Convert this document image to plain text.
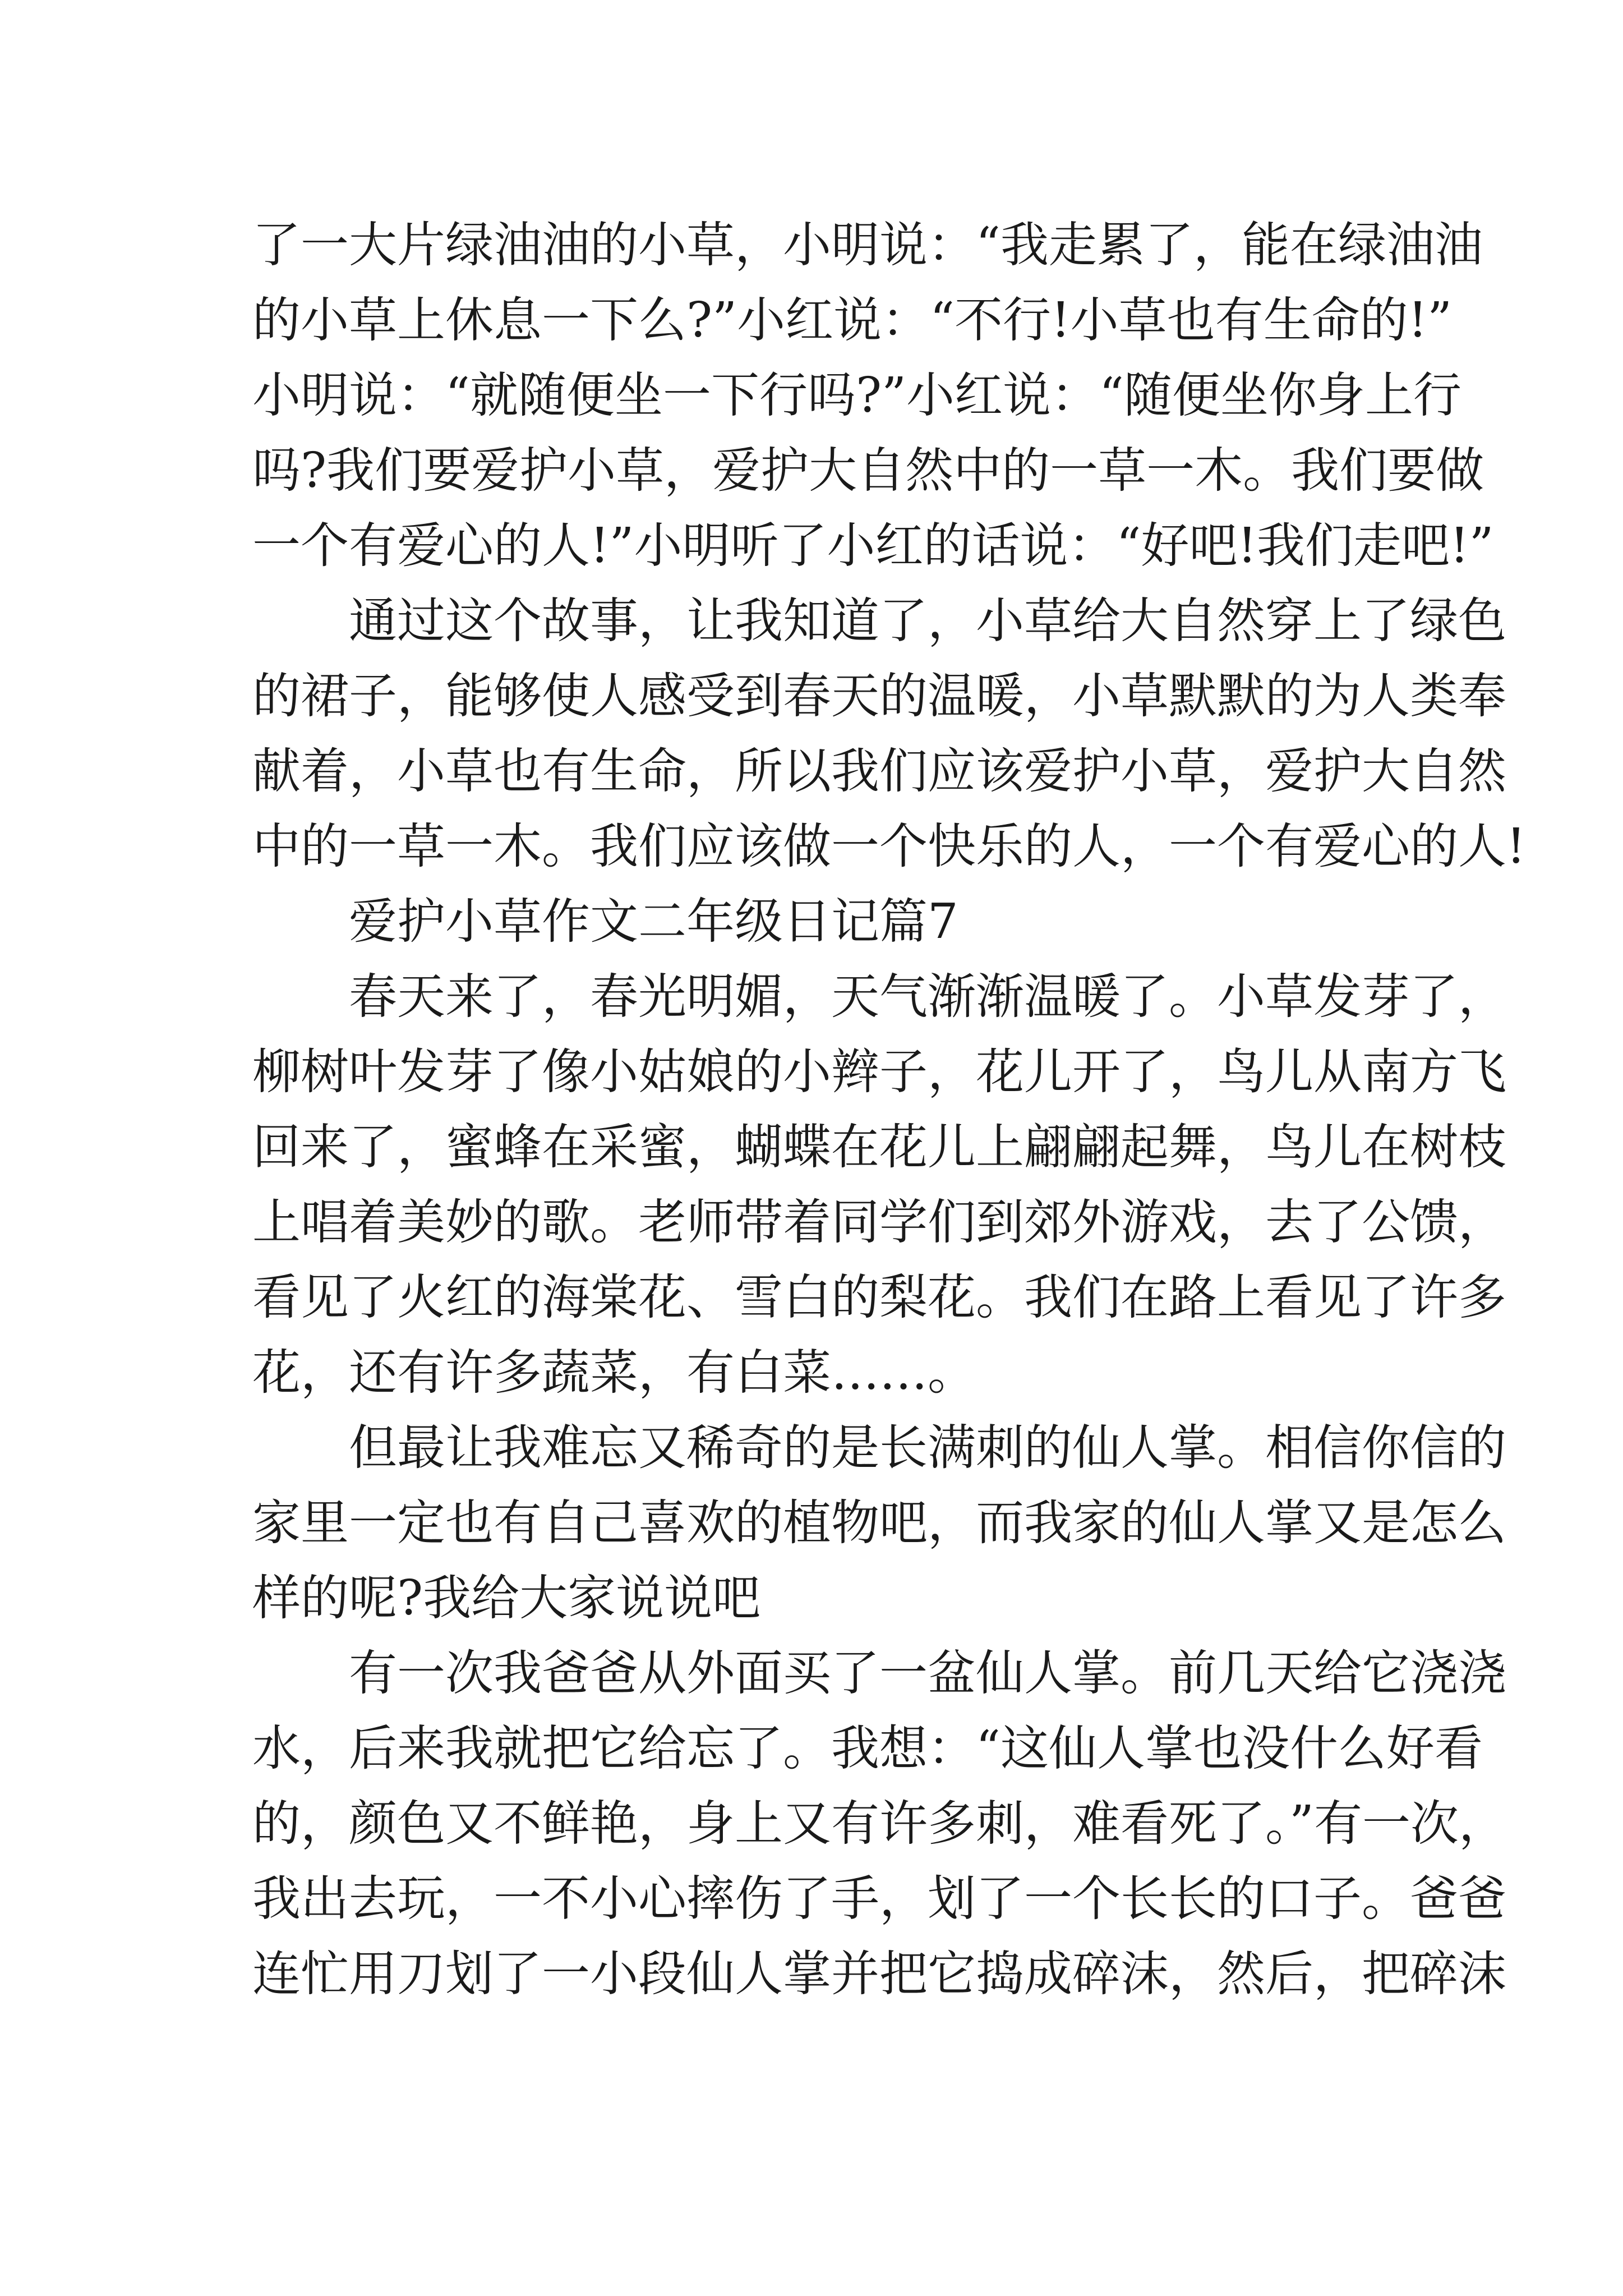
了一大片绿油油的小草，小明说：“我走累了，能在绿油油
的小草上休息一下么?”小红说：“不行!小草也有生命的!”
小明说：“就随便坐一下行吗?”小红说：“随便坐你身上行
吗?我们要爱护小草，爱护大自然中的一草一木。我们要做
一个有爱心的人!”小明听了小红的话说：“好吧!我们走吧!”
通过这个故事，让我知道了，小草给大自然穿上了绿色
的裙子，能够使人感受到春天的温暖，小草默默的为人类奉
献着，小草也有生命，所以我们应该爱护小草，爱护大自然
中的一草一木。我们应该做一个快乐的人，一个有爱心的人!
爱护小草作文二年级日记篇7
春天来了，春光明媚，天气渐渐温暖了。小草发芽了，
柳树叶发芽了像小姑娘的小辫子，花儿开了，鸟儿从南方飞
回来了，蜜蜂在采蜜，蝴蝶在花儿上翩翩起舞，鸟儿在树枝
上唱着美妙的歌。老师带着同学们到郊外游戏，去了公馈，
看见了火红的海棠花、雪白的梨花。我们在路上看见了许多
花，还有许多蔬菜，有白菜……。
但最让我难忘又稀奇的是长满刺的仙人掌。相信你信的
家里一定也有自己喜欢的植物吧，而我家的仙人掌又是怎么
样的呢?我给大家说说吧
有一次我爸爸从外面买了一盆仙人掌。前几天给它浇浇
水，后来我就把它给忘了。我想：“这仙人掌也没什么好看
的，颜色又不鲜艳，身上又有许多刺，难看死了。”有一次，
我出去玩，一不小心摔伤了手，划了一个长长的口子。爸爸
连忙用刀划了一小段仙人掌并把它捣成碎沫，然后，把碎沫
